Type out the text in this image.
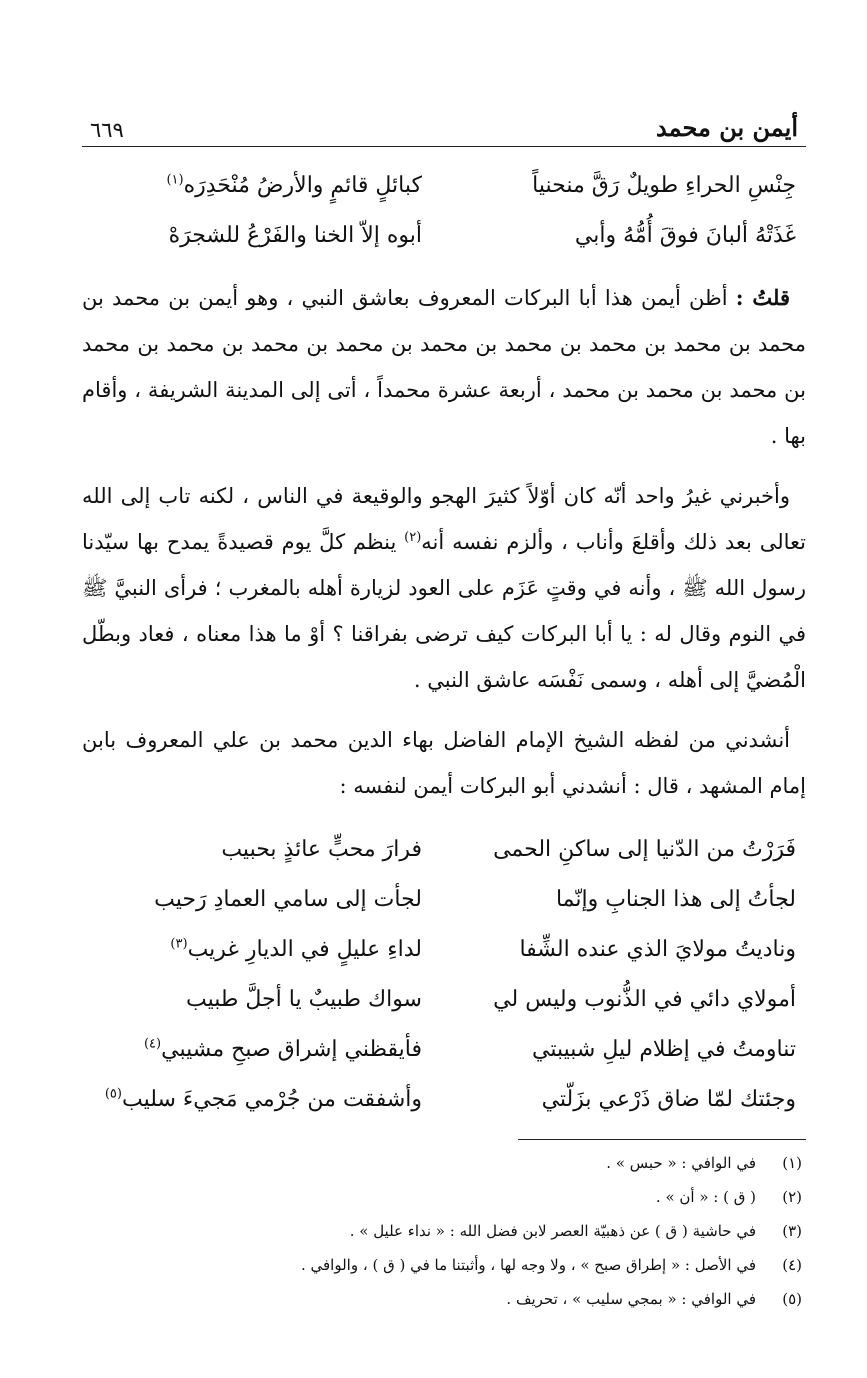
أيمن بن محمد
٦٦٩
جِنْسِ الحراءِ طويلٌ رَقَّ منحنياً
كبائلٍ قائمٍ والأرضُ مُنْحَدِرَه$^{(١)}$
غَذَتْهُ ألبانَ فوقَ أُمُّهُ وأبي
أبوه إلاّ الخنا والفَرْعُ للشجرَهْ

قلتُ : أظن أيمن هذا أبا البركات المعروف بعاشق النبي ، وهو أيمن بن محمد بن محمد بن محمد بن محمد بن محمد بن محمد بن محمد بن محمد بن محمد بن محمد بن محمد بن محمد بن محمد ، أربعة عشرة محمداً ، أتى إلى المدينة الشريفة ، وأقام بها .

وأخبرني غيرُ واحد أنّه كان أوّلاً كثيرَ الهجو والوقيعة في الناس ، لكنه تاب إلى الله تعالى بعد ذلك وأقلعَ وأناب ، وألزم نفسه أنه$^{(٢)}$ ينظم كلَّ يوم قصيدةً يمدح بها سيّدنا رسول الله ﷺ ، وأنه في وقتٍ عَزَم على العود لزيارة أهله بالمغرب ؛ فرأى النبيَّ ﷺ في النوم وقال له : يا أبا البركات كيف ترضى بفراقنا ؟ أوْ ما هذا معناه ، فعاد وبطّل الْمُضيَّ إلى أهله ، وسمى نَفْسَه عاشق النبي .

أنشدني من لفظه الشيخ الإمام الفاضل بهاء الدين محمد بن علي المعروف بابن إمام المشهد ، قال : أنشدني أبو البركات أيمن لنفسه :

فَرَرْتُ من الدّنيا إلى ساكنِ الحمى
فرارَ محبٍّ عائذٍ بحبيب
لجأتُ إلى هذا الجنابِ وإنّما
لجأت إلى سامي العمادِ رَحيب
وناديتُ مولايَ الذي عنده الشِّفا
لداءِ عليلٍ في الديارِ غريب$^{(٣)}$
أمولاي دائي في الذُّنوب وليس لي
سواك طبيبٌ يا أجلَّ طبيب
تناومتُ في إظلام ليلِ شبيبتي
فأيقظني إشراق صبحِ مشيبي$^{(٤)}$
وجئتك لمّا ضاق ذَرْعي بزَلّتي
وأشفقت من جُرْمي مَجيءَ سليب$^{(٥)}$
(١)
في الوافي : « حبس » .
(٢)
( ق ) : « أن » .
(٣)
في حاشية ( ق ) عن ذهبيّة العصر لابن فضل الله : « نداء عليل » .
(٤)
في الأصل : « إطراق صبح » ، ولا وجه لها ، وأثبتنا ما في ( ق ) ، والوافي .
(٥)
في الوافي : « بمجي سليب » ، تحريف .
